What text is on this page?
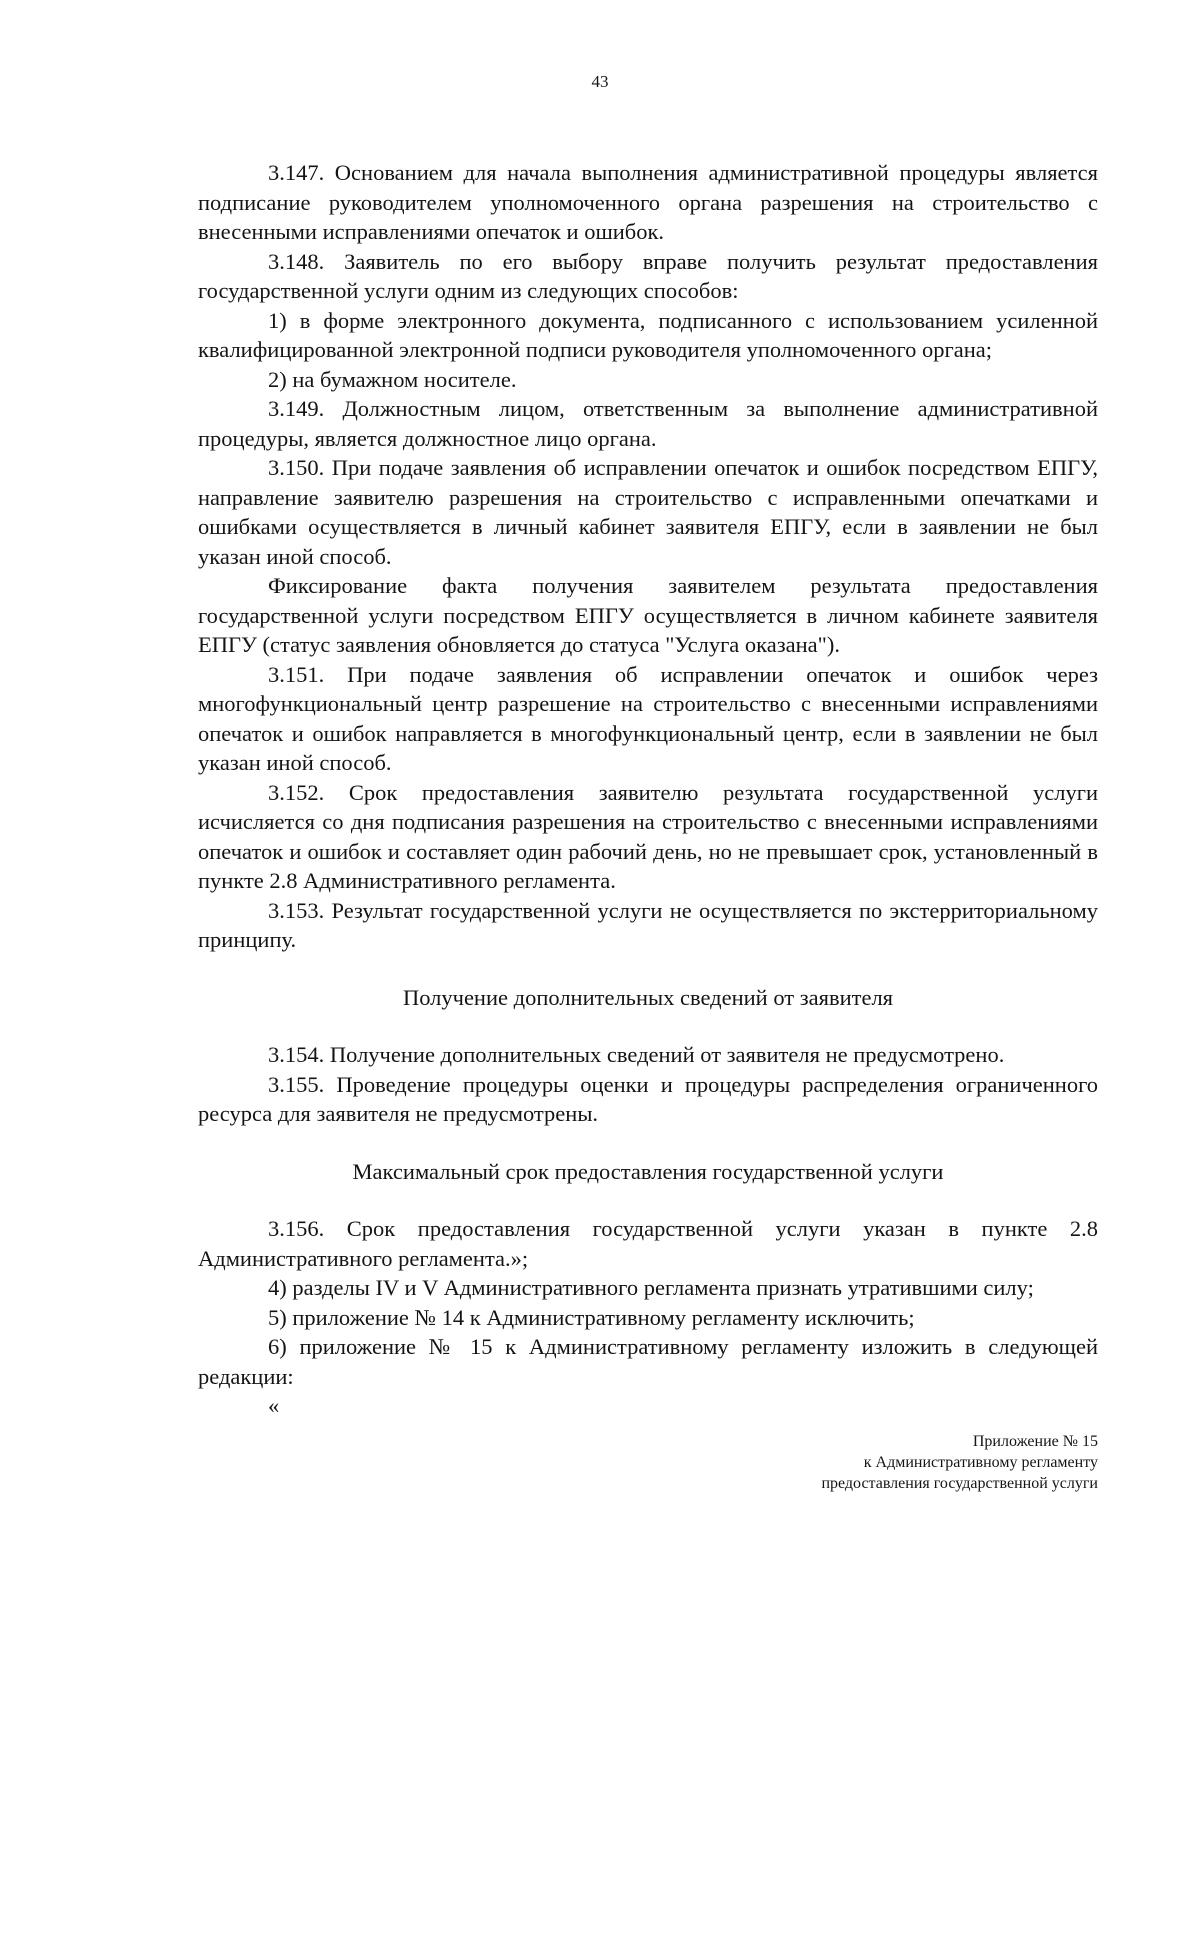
43

3.147. Основанием для начала выполнения административной процедуры является подписание руководителем уполномоченного органа разрешения на строительство с внесенными исправлениями опечаток и ошибок.

3.148. Заявитель по его выбору вправе получить результат предоставления государственной услуги одним из следующих способов:

1) в форме электронного документа, подписанного с использованием усиленной квалифицированной электронной подписи руководителя уполномоченного органа;

2) на бумажном носителе.

3.149. Должностным лицом, ответственным за выполнение административной процедуры, является должностное лицо органа.

3.150. При подаче заявления об исправлении опечаток и ошибок посредством ЕПГУ, направление заявителю разрешения на строительство с исправленными опечатками и ошибками осуществляется в личный кабинет заявителя ЕПГУ, если в заявлении не был указан иной способ.

Фиксирование факта получения заявителем результата предоставления государственной услуги посредством ЕПГУ осуществляется в личном кабинете заявителя ЕПГУ (статус заявления обновляется до статуса "Услуга оказана").

3.151. При подаче заявления об исправлении опечаток и ошибок через многофункциональный центр разрешение на строительство с внесенными исправлениями опечаток и ошибок направляется в многофункциональный центр, если в заявлении не был указан иной способ.

3.152. Срок предоставления заявителю результата государственной услуги исчисляется со дня подписания разрешения на строительство с внесенными исправлениями опечаток и ошибок и составляет один рабочий день, но не превышает срок, установленный в пункте 2.8 Административного регламента.

3.153. Результат государственной услуги не осуществляется по экстерриториальному принципу.

Получение дополнительных сведений от заявителя

3.154. Получение дополнительных сведений от заявителя не предусмотрено.

3.155. Проведение процедуры оценки и процедуры распределения ограниченного ресурса для заявителя не предусмотрены.

Максимальный срок предоставления государственной услуги

3.156. Срок предоставления государственной услуги указан в пункте 2.8 Административного регламента.»;

4) разделы IV и V Административного регламента признать утратившими силу;

5) приложение № 14 к Административному регламенту исключить;

6) приложение № 15 к Административному регламенту изложить в следующей редакции:

«

Приложение № 15
к Административному регламенту
предоставления государственной услуги
